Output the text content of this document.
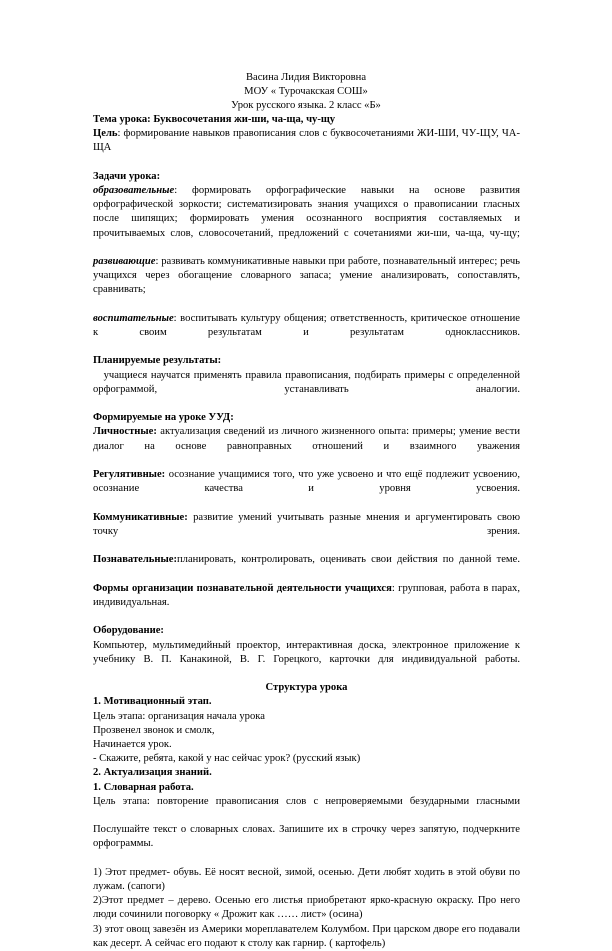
Васина Лидия Викторовна
МОУ « Турочакская СОШ»
Урок русского языка. 2 класс «Б»

Тема урока: Буквосочетания жи-ши, ча-ща, чу-щу

Цель: формирование навыков правописания слов с буквосочетаниями ЖИ-ШИ, ЧУ-ЩУ, ЧА-ЩА

Задачи урока:

образовательные: формировать орфографические навыки на основе развития орфографической зоркости; систематизировать знания учащихся о правописании гласных после шипящих; формировать умения осознанного восприятия составляемых и прочитываемых слов, словосочетаний, предложений с сочетаниями жи-ши, ча-ща, чу-щу;

развивающие: развивать коммуникативные навыки при работе, познавательный интерес; речь учащихся через обогащение словарного запаса; умение анализировать, сопоставлять, сравнивать;

воспитательные: воспитывать культуру общения; ответственность, критическое отношение к своим результатам и результатам одноклассников.

Планируемые результаты:

учащиеся научатся применять правила правописания, подбирать примеры с определенной орфограммой, устанавливать аналогии.

Формируемые на уроке УУД:

Личностные: актуализация сведений из личного жизненного опыта: примеры; умение вести диалог на основе равноправных отношений и взаимного уважения

Регулятивные: осознание учащимися того, что уже усвоено и что ещё подлежит усвоению, осознание качества и уровня усвоения.

Коммуникативные: развитие умений учитывать разные мнения и аргументировать свою точку зрения.

Познавательные:планировать, контролировать, оценивать свои действия по данной теме.

Формы организации познавательной деятельности учащихся: групповая, работа в парах, индивидуальная.

Оборудование:

Компьютер, мультимедийный проектор, интерактивная доска, электронное приложение к учебнику В. П. Канакиной, В. Г. Горецкого, карточки для индивидуальной работы.

Структура урока

1. Мотивационный этап.

Цель этапа: организация начала урока

Прозвенел звонок и смолк,

Начинается урок.

- Скажите, ребята, какой у нас сейчас урок? (русский язык)

2. Актуализация знаний.

1. Словарная работа.

Цель этапа: повторение правописания слов с непроверяемыми безударными гласными

Послушайте текст о словарных словах. Запишите их в строчку через запятую, подчеркните орфограммы.

1) Этот предмет- обувь. Её носят весной, зимой, осенью. Дети любят ходить в этой обуви по лужам. (сапоги)

2)Этот предмет – дерево. Осенью его листья приобретают ярко-красную окраску. Про него люди сочинили поговорку « Дрожит как …… лист» (осина)

3) этот овощ завезён из Америки мореплавателем Колумбом. При царском дворе его подавали как десерт. А сейчас его подают к столу как гарнир. ( картофель)
